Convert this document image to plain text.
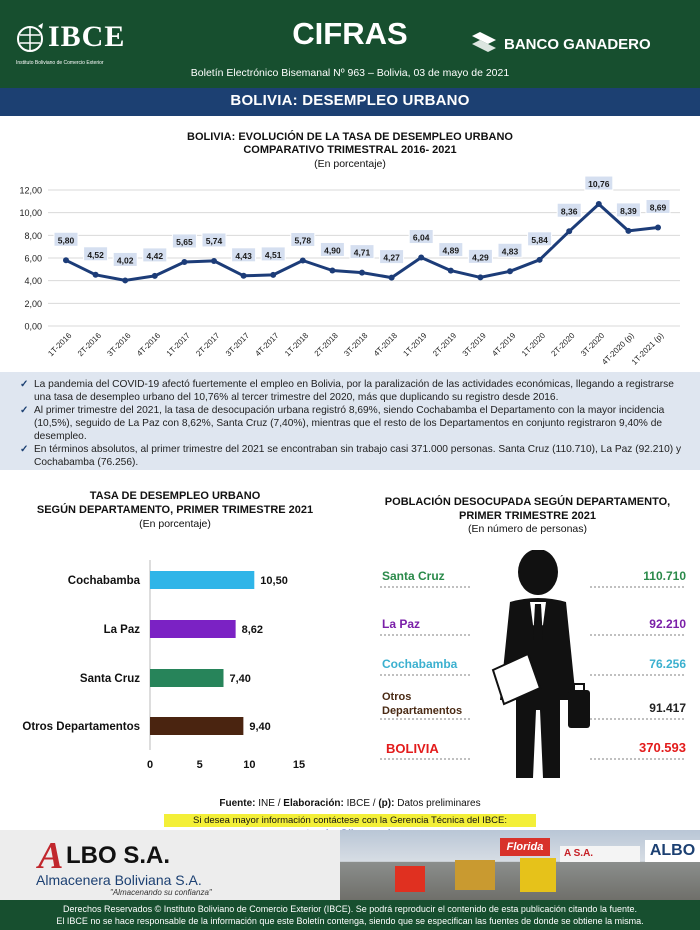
IBCE
Instituto Boliviano de Comercio Exterior
CIFRAS	BANCO GANADERO
Boletín Electrónico Bisemanal Nº 963 – Bolivia, 03 de mayo de 2021
BOLIVIA: DESEMPLEO URBANO
BOLIVIA: EVOLUCIÓN DE LA TASA DE DESEMPLEO URBANO
COMPARATIVO TRIMESTRAL 2016- 2021
(En porcentaje)
0,00
2,00
4,00
6,00
8,00
10,00
12,00
5,80
4,52
4,02 4,42
5,65 5,74
4,43 4,51
5,78
4,90 4,71 4,27
6,04
4,89
4,29
4,83
5,84
8,36
10,76
8,39 8,69
1T-2016 2T-2016 3T-2016 4T-2016 1T-2017 2T-2017 3T-2017 4T-2017 1T-2018 2T-2018 3T-2018 4T-2018 1T-2019 2T-2019 3T-2019 4T-2019 1T-2020 2T-2020 3T-2020
4T-2020 (p)
1T-2021 (p)
✓ La pandemia del COVID-19 afectó fuertemente el empleo en Bolivia, por la paralización de las actividades económicas, llegando a registrarse una tasa de desempleo urbano del 10,76% al tercer trimestre del 2020, más que duplicando su registro desde 2016.
✓ Al primer trimestre del 2021, la tasa de desocupación urbana registró 8,69%, siendo Cochabamba el Departamento con la mayor incidencia (10,5%), seguido de La Paz con 8,62%, Santa Cruz (7,40%), mientras que el resto de los Departamentos en conjunto registraron 9,40% de desempleo.
✓ En términos absolutos, al primer trimestre del 2021 se encontraban sin trabajo casi 371.000 personas. Santa Cruz (110.710), La Paz (92.210) y Cochabamba (76.256).
TASA DE DESEMPLEO URBANO
SEGÚN DEPARTAMENTO, PRIMER TRIMESTRE 2021
(En porcentaje)
Cochabamba
La Paz
Santa Cruz
Otros Departamentos
10,50
8,62
7,40
9,40
0	5	10	15
POBLACIÓN DESOCUPADA SEGÚN DEPARTAMENTO,
PRIMER TRIMESTRE 2021
(En número de personas)
Santa Cruz	110.710
La Paz	92.210
Cochabamba	76.256
Otros Departamentos	91.417
BOLIVIA	370.593
Fuente: INE / Elaboración: IBCE / (p): Datos preliminares
Si desea mayor información contáctese con la Gerencia Técnica del IBCE:
Florida
A S.A.	ALBO
A LBO S.A.
Almacenera Boliviana S.A.
"Almacenando su confianza"
Derechos Reservados © Instituto Boliviano de Comercio Exterior (IBCE). Se podrá reproducir el contenido de esta publicación citando la fuente.
El IBCE no se hace responsable de la información que este Boletín contenga, siendo que se especifican las fuentes de donde se obtiene la misma.
